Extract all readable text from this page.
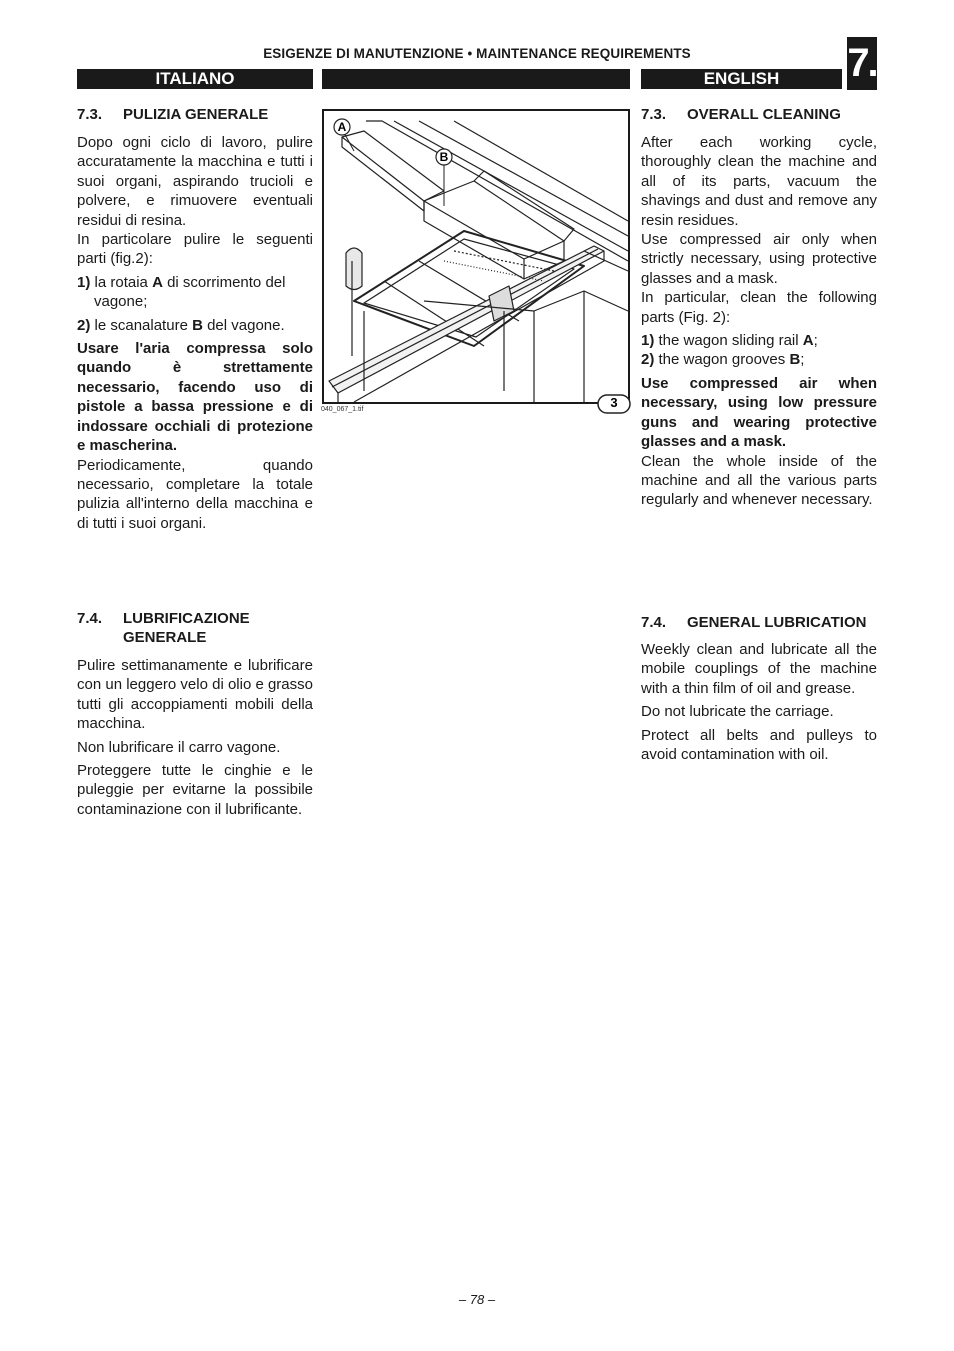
ESIGENZE DI MANUTENZIONE • MAINTENANCE REQUIREMENTS	7.
ITALIANO	ENGLISH
7.3. PULIZIA GENERALE

Dopo ogni ciclo di lavoro, pulire accuratamente la macchina e tutti i suoi organi, aspirando trucioli e polvere, e rimuovere eventuali residui di resina.

In particolare pulire le seguenti parti (fig.2):

1) la rotaia A di scorrimento del vagone;

2) le scanalature B del vagone.

Usare l'aria compressa solo quando è strettamente necessario, facendo uso di pistole a bassa pressione e di indossare occhiali di protezione e mascherina.

Periodicamente, quando necessario, completare la totale pulizia all'interno della macchina e di tutti i suoi organi.

7.4. LUBRIFICAZIONE GENERALE

Pulire settimanamente e lubrificare con un leggero velo di olio e grasso tutti gli accoppiamenti mobili della macchina.

Non lubrificare il carro vagone.

Proteggere tutte le cinghie e le puleggie per evitarne la possibile contaminazione con il lubrificante.

A
B
3
040_067_1.tif
7.3. OVERALL CLEANING

After each working cycle, thoroughly clean the machine and all of its parts, vacuum the shavings and dust and remove any resin residues.

Use compressed air only when strictly necessary, using protective glasses and a mask.

In particular, clean the following parts (Fig. 2):

1) the wagon sliding rail A;

2) the wagon grooves B;

Use compressed air when necessary, using low pressure guns and wearing protective glasses and a mask.

Clean the whole inside of the machine and all the various parts regularly and whenever necessary.

7.4. GENERAL LUBRICATION

Weekly clean and lubricate all the mobile couplings of the machine with a thin film of oil and grease.

Do not lubricate the carriage.

Protect all belts and pulleys to avoid contamination with oil.

– 78 –
